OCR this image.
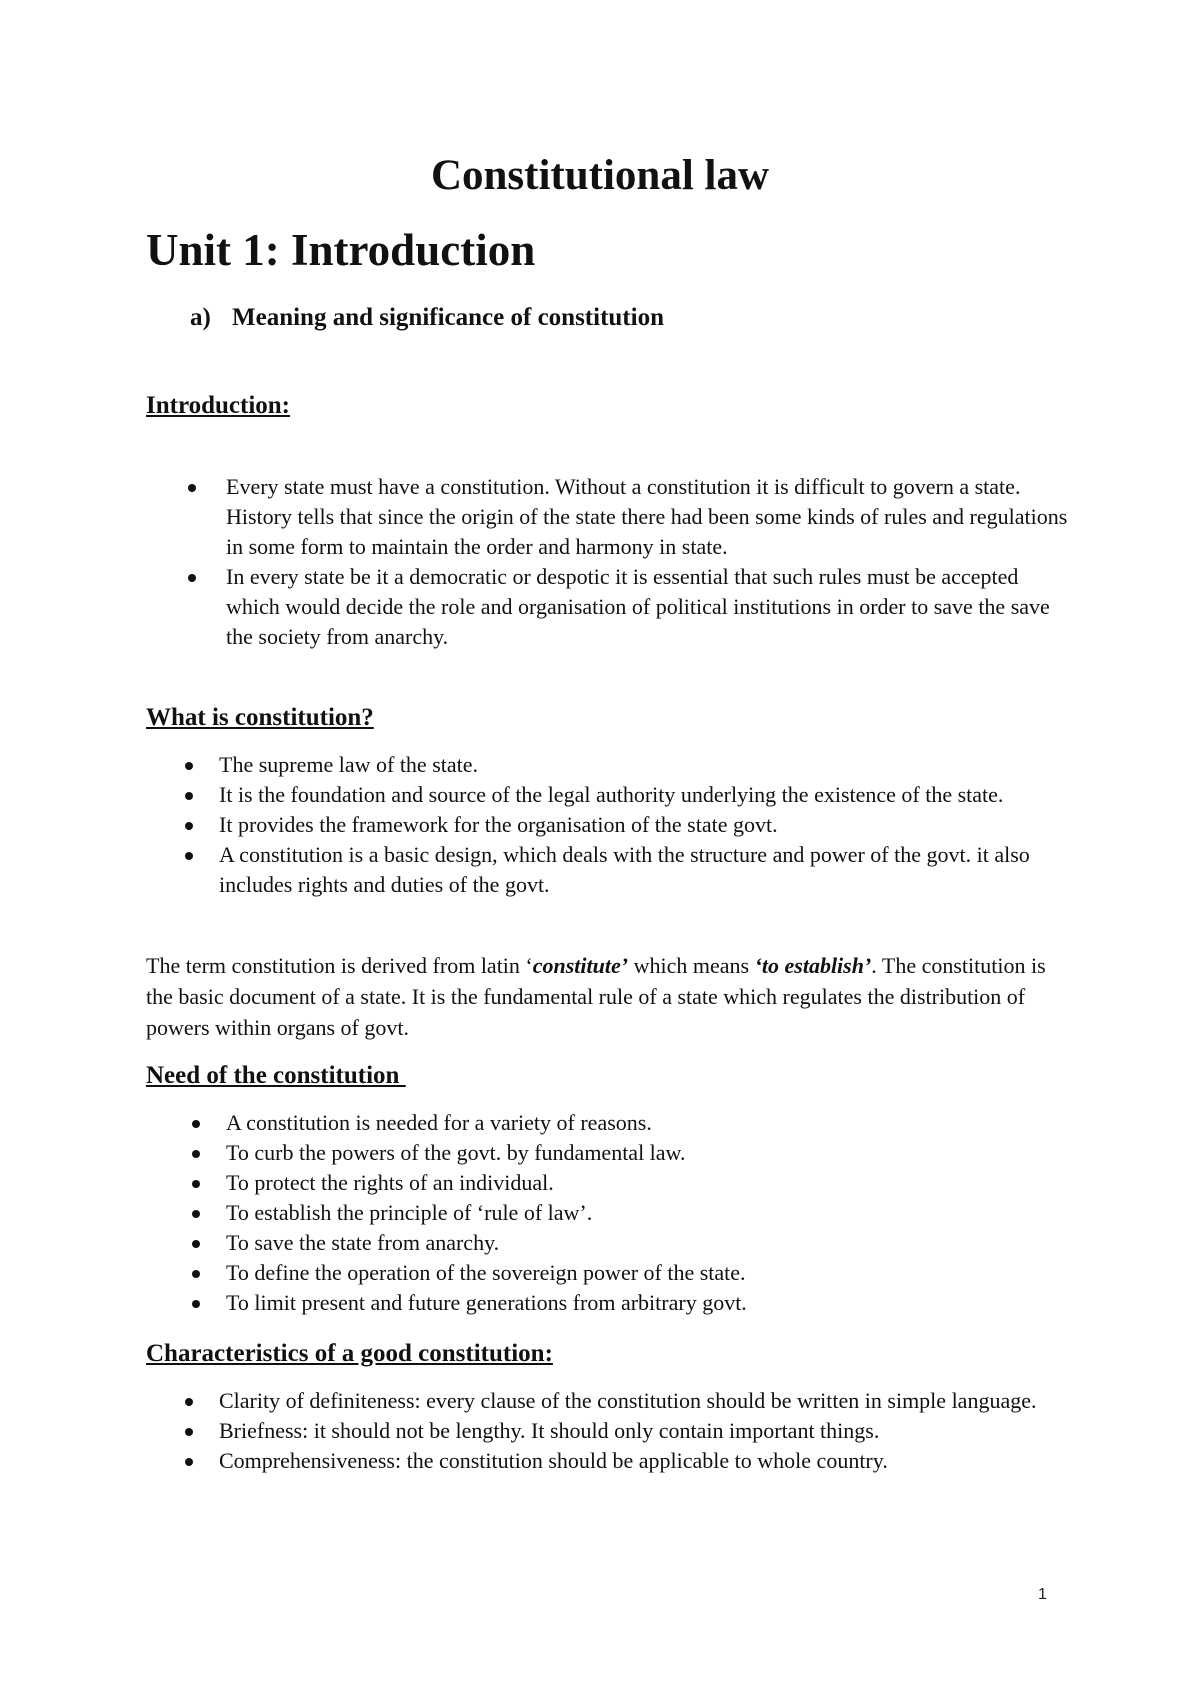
Constitutional law
Unit 1: Introduction
a) Meaning and significance of constitution
Introduction:
Every state must have a constitution. Without a constitution it is difficult to govern a state. History tells that since the origin of the state there had been some kinds of rules and regulations in some form to maintain the order and harmony in state.
In every state be it a democratic or despotic it is essential that such rules must be accepted which would decide the role and organisation of political institutions in order to save the save the society from anarchy.
What is constitution?
The supreme law of the state.
It is the foundation and source of the legal authority underlying the existence of the state.
It provides the framework for the organisation of the state govt.
A constitution is a basic design, which deals with the structure and power of the govt. it also includes rights and duties of the govt.

The term constitution is derived from latin ‘constitute’ which means ‘to establish’. The constitution is the basic document of a state. It is the fundamental rule of a state which regulates the distribution of powers within organs of govt.

Need of the constitution
A constitution is needed for a variety of reasons.
To curb the powers of the govt. by fundamental law.
To protect the rights of an individual.
To establish the principle of ‘rule of law’.
To save the state from anarchy.
To define the operation of the sovereign power of the state.
To limit present and future generations from arbitrary govt.
Characteristics of a good constitution:
Clarity of definiteness: every clause of the constitution should be written in simple language.
Briefness: it should not be lengthy. It should only contain important things.
Comprehensiveness: the constitution should be applicable to whole country.
1
